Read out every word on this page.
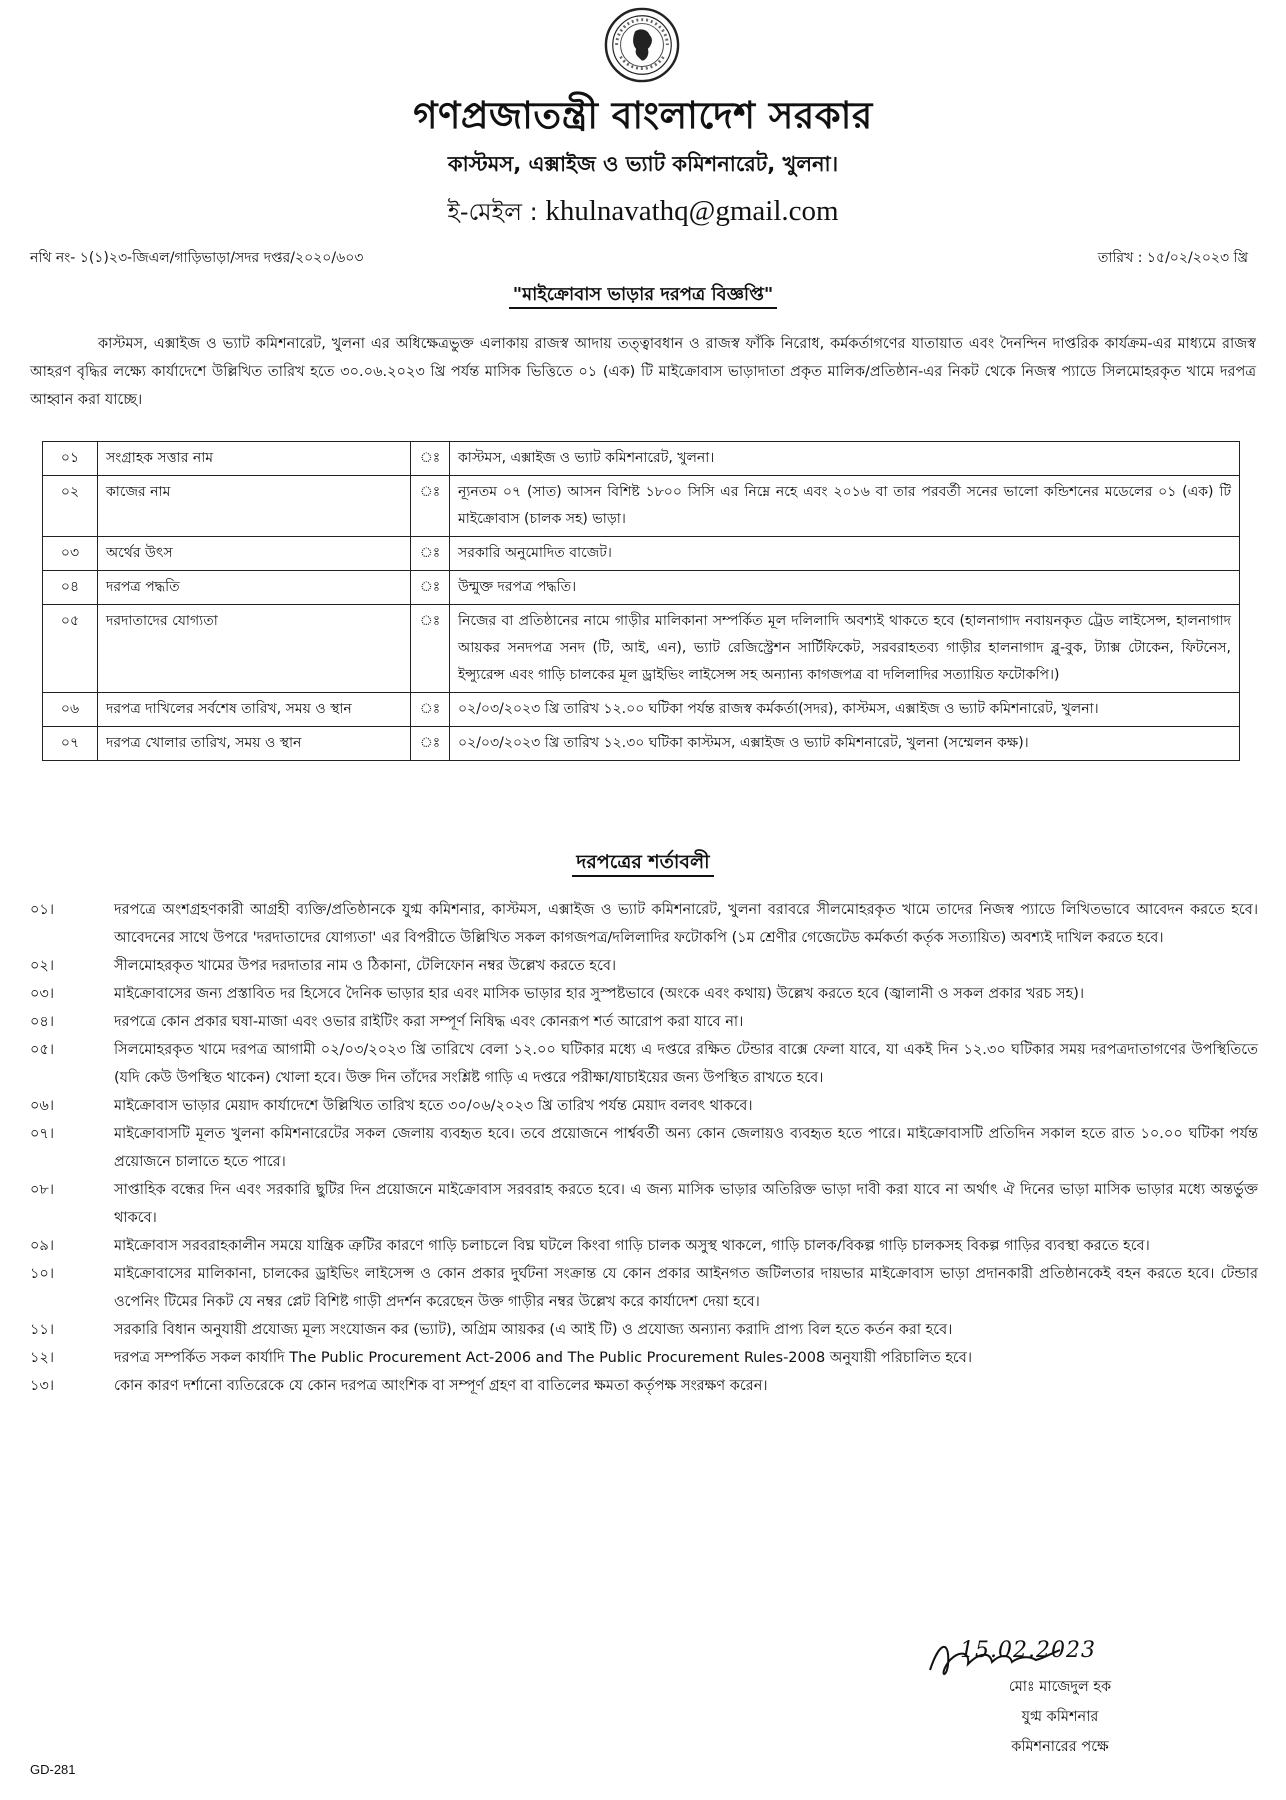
গণপ্রজাতন্ত্রী বাংলাদেশ সরকার
কাস্টমস, এক্সাইজ ও ভ্যাট কমিশনারেট, খুলনা।
ই-মেইল : khulnavathq@gmail.com
নথি নং- ১(১)২৩-জিএল/গাড়িভাড়া/সদর দপ্তর/২০২০/৬০৩	তারিখ : ১৫/০২/২০২৩ খ্রি
"মাইক্রোবাস ভাড়ার দরপত্র বিজ্ঞপ্তি"
কাস্টমস, এক্সাইজ ও ভ্যাট কমিশনারেট, খুলনা এর অধিক্ষেত্রভুক্ত এলাকায় রাজস্ব আদায় তত্ত্বাবধান ও রাজস্ব ফাঁকি নিরোধ, কর্মকর্তাগণের যাতায়াত এবং দৈনন্দিন দাপ্তরিক কার্যক্রম-এর মাধ্যমে রাজস্ব আহরণ বৃদ্ধির লক্ষ্যে কার্যাদেশে উল্লিখিত তারিখ হতে ৩০.০৬.২০২৩ খ্রি পর্যন্ত মাসিক ভিত্তিতে ০১ (এক) টি মাইক্রোবাস ভাড়াদাতা প্রকৃত মালিক/প্রতিষ্ঠান-এর নিকট থেকে নিজস্ব প্যাডে সিলমোহরকৃত খামে দরপত্র আহ্বান করা যাচ্ছে।
০১	সংগ্রাহক সত্তার নাম	ঃ	কাস্টমস, এক্সাইজ ও ভ্যাট কমিশনারেট, খুলনা।
০২	কাজের নাম	ঃ	ন্যূনতম ০৭ (সাত) আসন বিশিষ্ট ১৮০০ সিসি এর নিম্নে নহে এবং ২০১৬ বা তার পরবর্তী সনের ভালো কন্ডিশনের মডেলের ০১ (এক) টি মাইক্রোবাস (চালক সহ) ভাড়া।
০৩	অর্থের উৎস	ঃ	সরকারি অনুমোদিত বাজেট।
০৪	দরপত্র পদ্ধতি	ঃ	উন্মুক্ত দরপত্র পদ্ধতি।
০৫	দরদাতাদের যোগ্যতা	ঃ	নিজের বা প্রতিষ্ঠানের নামে গাড়ীর মালিকানা সম্পর্কিত মূল দলিলাদি অবশ্যই থাকতে হবে (হালনাগাদ নবায়নকৃত ট্রেড লাইসেন্স, হালনাগাদ আয়কর সনদপত্র সনদ (টি, আই, এন), ভ্যাট রেজিস্ট্রেশন সার্টিফিকেট, সরবরাহতব্য গাড়ীর হালনাগাদ ব্লু-বুক, ট্যাক্স টোকেন, ফিটনেস, ইন্স্যুরেন্স এবং গাড়ি চালকের মূল ড্রাইভিং লাইসেন্স সহ অন্যান্য কাগজপত্র বা দলিলাদির সত্যায়িত ফটোকপি।)
০৬	দরপত্র দাখিলের সর্বশেষ তারিখ, সময় ও স্থান	ঃ	০২/০৩/২০২৩ খ্রি তারিখ ১২.০০ ঘটিকা পর্যন্ত রাজস্ব কর্মকর্তা(সদর), কাস্টমস, এক্সাইজ ও ভ্যাট কমিশনারেট, খুলনা।
০৭	দরপত্র খোলার তারিখ, সময় ও স্থান	ঃ	০২/০৩/২০২৩ খ্রি তারিখ ১২.৩০ ঘটিকা কাস্টমস, এক্সাইজ ও ভ্যাট কমিশনারেট, খুলনা (সম্মেলন কক্ষ)।
দরপত্রের শর্তাবলী
০১।	দরপত্রে অংশগ্রহণকারী আগ্রহী ব্যক্তি/প্রতিষ্ঠানকে যুগ্ম কমিশনার, কাস্টমস, এক্সাইজ ও ভ্যাট কমিশনারেট, খুলনা বরাবরে সীলমোহরকৃত খামে তাদের নিজস্ব প্যাডে লিখিতভাবে আবেদন করতে হবে। আবেদনের সাথে উপরে 'দরদাতাদের যোগ্যতা' এর বিপরীতে উল্লিখিত সকল কাগজপত্র/দলিলাদির ফটোকপি (১ম শ্রেণীর গেজেটেড কর্মকর্তা কর্তৃক সত্যায়িত) অবশ্যই দাখিল করতে হবে।
০২।	সীলমোহরকৃত খামের উপর দরদাতার নাম ও ঠিকানা, টেলিফোন নম্বর উল্লেখ করতে হবে।
০৩।	মাইক্রোবাসের জন্য প্রস্তাবিত দর হিসেবে দৈনিক ভাড়ার হার এবং মাসিক ভাড়ার হার সুস্পষ্টভাবে (অংকে এবং কথায়) উল্লেখ করতে হবে (জ্বালানী ও সকল প্রকার খরচ সহ)।
০৪।	দরপত্রে কোন প্রকার ঘষা-মাজা এবং ওভার রাইটিং করা সম্পূর্ণ নিষিদ্ধ এবং কোনরূপ শর্ত আরোপ করা যাবে না।
০৫।	সিলমোহরকৃত খামে দরপত্র আগামী ০২/০৩/২০২৩ খ্রি তারিখে বেলা ১২.০০ ঘটিকার মধ্যে এ দপ্তরে রক্ষিত টেন্ডার বাক্সে ফেলা যাবে, যা একই দিন ১২.৩০ ঘটিকার সময় দরপত্রদাতাগণের উপস্থিতিতে (যদি কেউ উপস্থিত থাকেন) খোলা হবে। উক্ত দিন তাঁদের সংশ্লিষ্ট গাড়ি এ দপ্তরে পরীক্ষা/যাচাইয়ের জন্য উপস্থিত রাখতে হবে।
০৬।	মাইক্রোবাস ভাড়ার মেয়াদ কার্যাদেশে উল্লিখিত তারিখ হতে ৩০/০৬/২০২৩ খ্রি তারিখ পর্যন্ত মেয়াদ বলবৎ থাকবে।
০৭।	মাইক্রোবাসটি মূলত খুলনা কমিশনারেটের সকল জেলায় ব্যবহৃত হবে। তবে প্রয়োজনে পার্শ্ববর্তী অন্য কোন জেলায়ও ব্যবহৃত হতে পারে। মাইক্রোবাসটি প্রতিদিন সকাল হতে রাত ১০.০০ ঘটিকা পর্যন্ত প্রয়োজনে চালাতে হতে পারে।
০৮।	সাপ্তাহিক বন্ধের দিন এবং সরকারি ছুটির দিন প্রয়োজনে মাইক্রোবাস সরবরাহ করতে হবে। এ জন্য মাসিক ভাড়ার অতিরিক্ত ভাড়া দাবী করা যাবে না অর্থাৎ ঐ দিনের ভাড়া মাসিক ভাড়ার মধ্যে অন্তর্ভুক্ত থাকবে।
০৯।	মাইক্রোবাস সরবরাহকালীন সময়ে যান্ত্রিক ত্রুটির কারণে গাড়ি চলাচলে বিঘ্ন ঘটলে কিংবা গাড়ি চালক অসুস্থ থাকলে, গাড়ি চালক/বিকল্প গাড়ি চালকসহ বিকল্প গাড়ির ব্যবস্থা করতে হবে।
১০।	মাইক্রোবাসের মালিকানা, চালকের ড্রাইভিং লাইসেন্স ও কোন প্রকার দুর্ঘটনা সংক্রান্ত যে কোন প্রকার আইনগত জটিলতার দায়ভার মাইক্রোবাস ভাড়া প্রদানকারী প্রতিষ্ঠানকেই বহন করতে হবে। টেন্ডার ওপেনিং টিমের নিকট যে নম্বর প্লেট বিশিষ্ট গাড়ী প্রদর্শন করেছেন উক্ত গাড়ীর নম্বর উল্লেখ করে কার্যাদেশ দেয়া হবে।
১১।	সরকারি বিধান অনুযায়ী প্রযোজ্য মূল্য সংযোজন কর (ভ্যাট), অগ্রিম আয়কর (এ আই টি) ও প্রযোজ্য অন্যান্য করাদি প্রাপ্য বিল হতে কর্তন করা হবে।
১২।	দরপত্র সম্পর্কিত সকল কার্যাদি The Public Procurement Act-2006 and The Public Procurement Rules-2008 অনুযায়ী পরিচালিত হবে।
১৩।	কোন কারণ দর্শানো ব্যতিরেকে যে কোন দরপত্র আংশিক বা সম্পূর্ণ গ্রহণ বা বাতিলের ক্ষমতা কর্তৃপক্ষ সংরক্ষণ করেন।
15.02.2023
মোঃ মাজেদুল হক
যুগ্ম কমিশনার
কমিশনারের পক্ষে
GD-281
